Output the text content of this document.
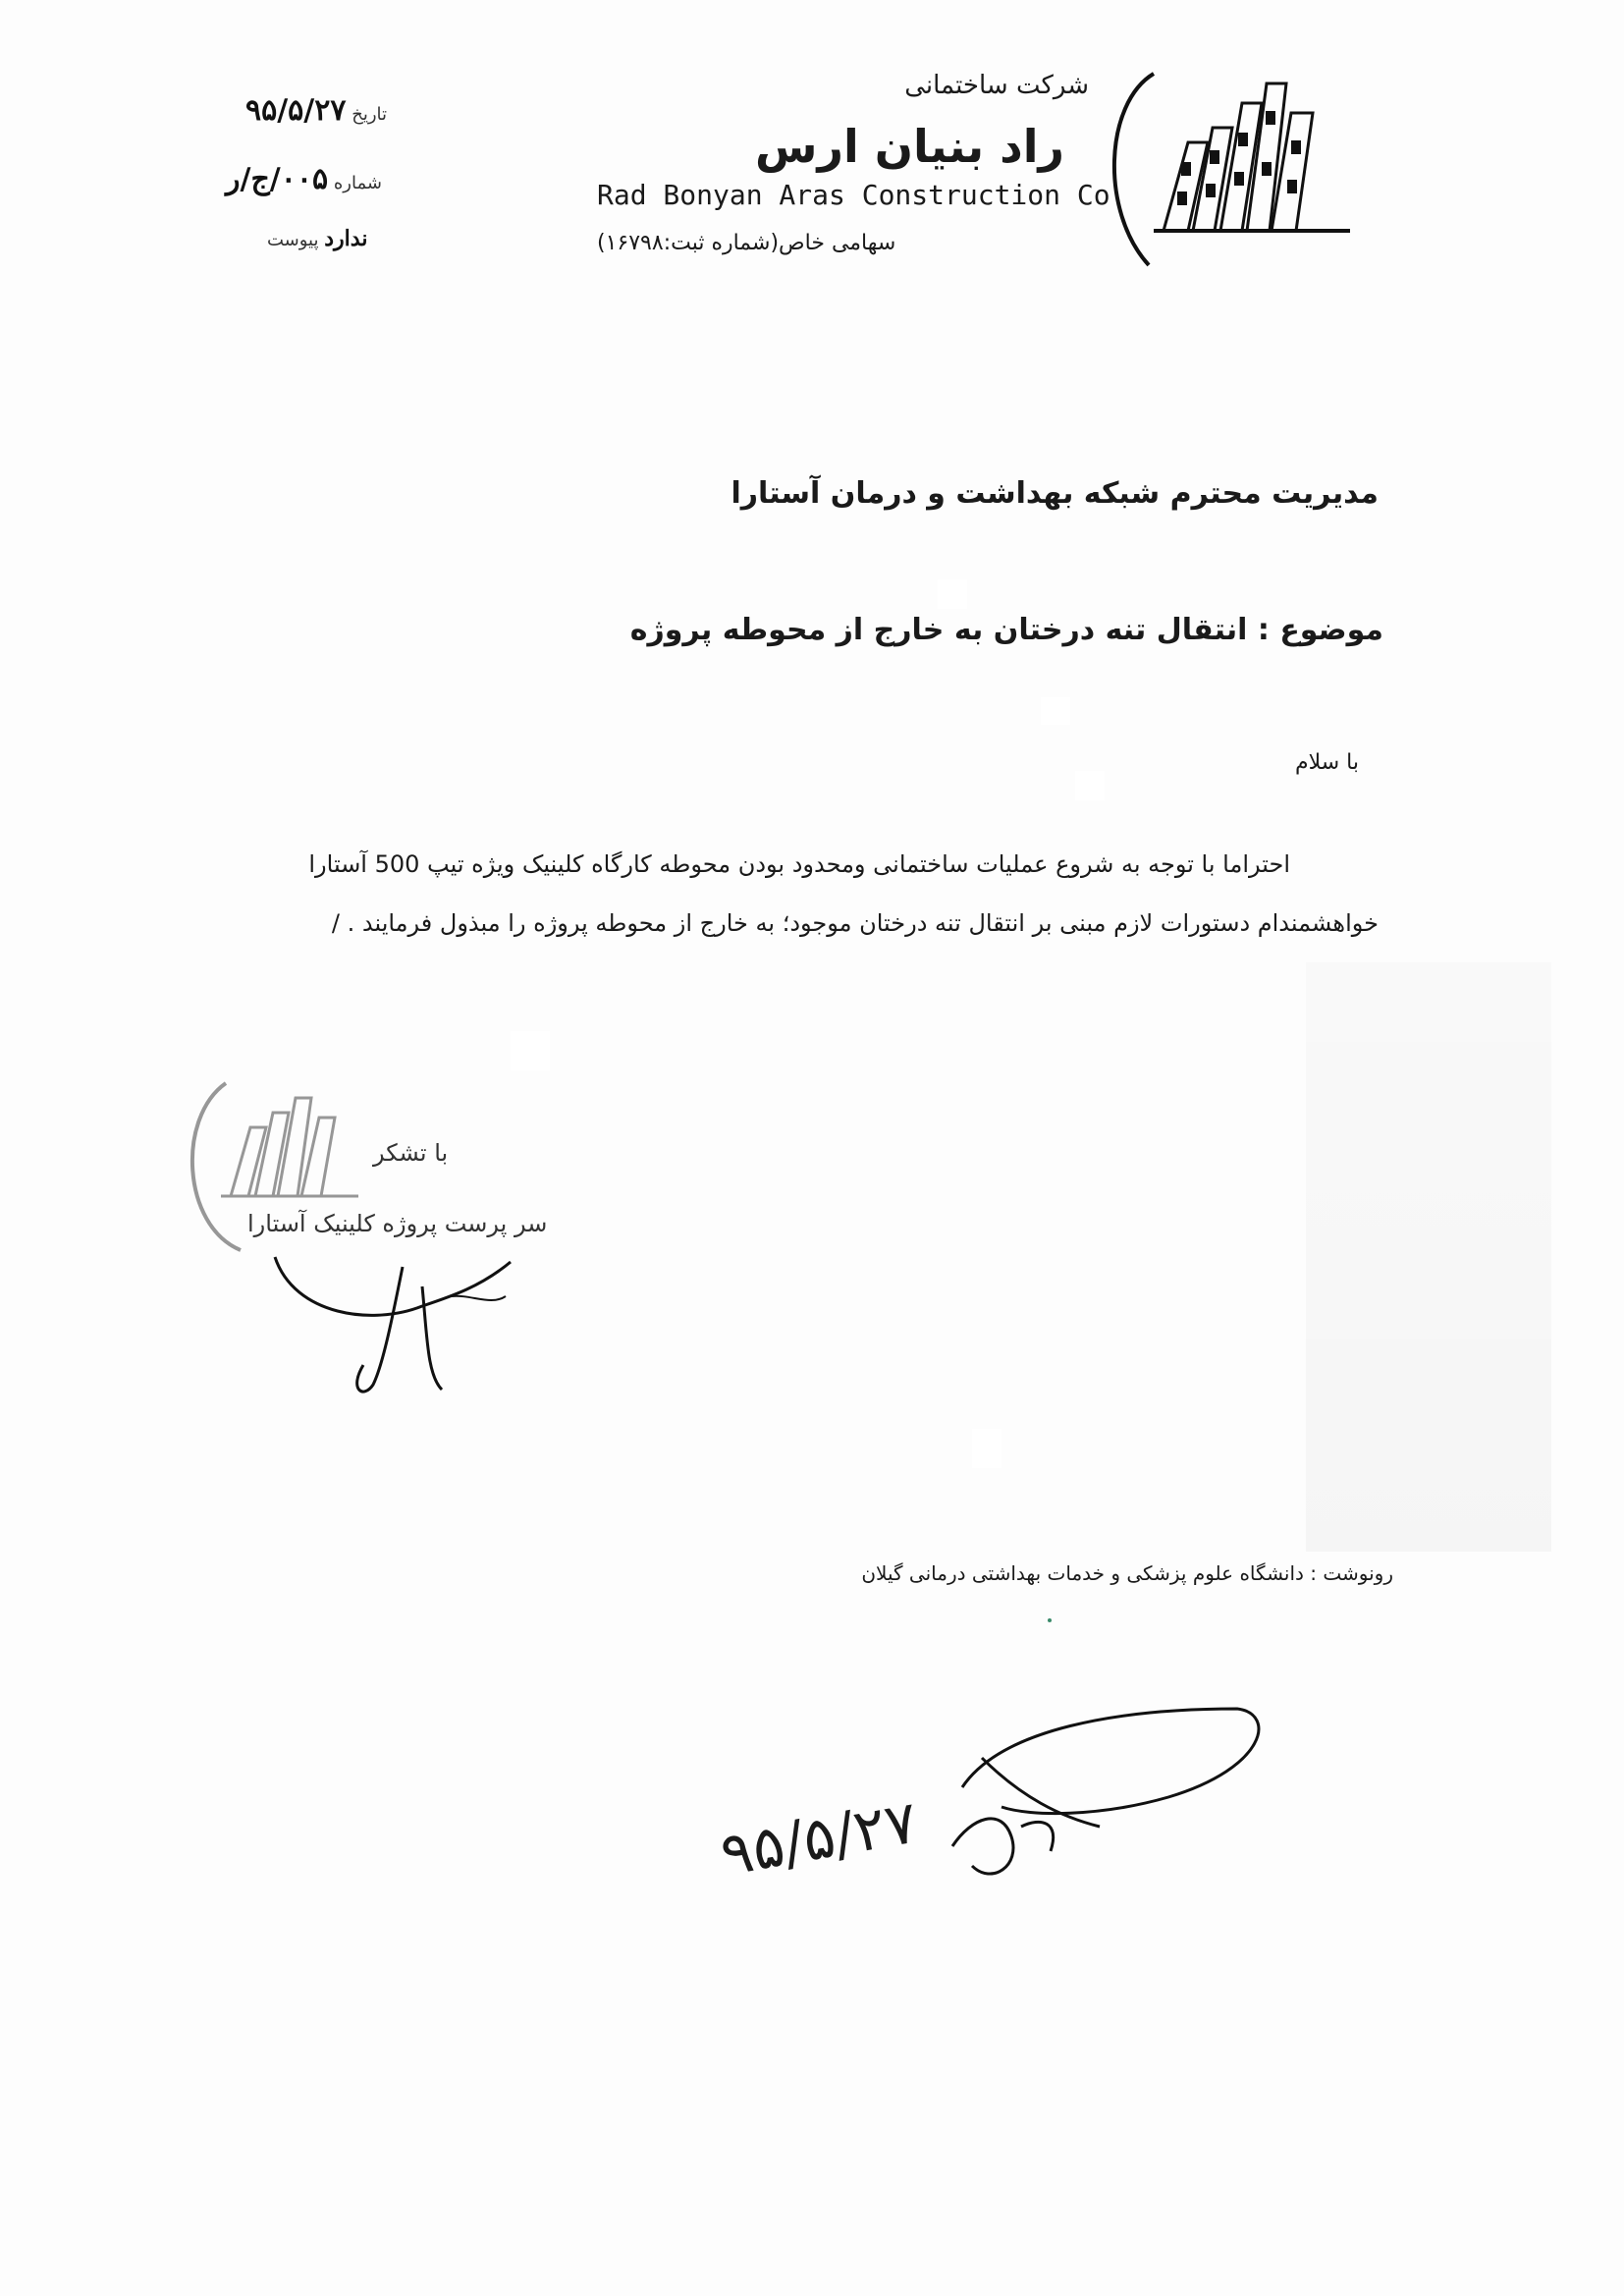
شرکت ساختمانی
راد بنیان ارس
Rad Bonyan Aras Construction Co
سهامی خاص(شماره ثبت:۱۶۷۹۸)
۹۵/۵/۲۷ تاریخ
۰۰۵/ج/ر شماره
ندارد پیوست
مدیریت محترم شبکه بهداشت و درمان آستارا
موضوع : انتقال تنه درختان به خارج از محوطه پروژه
با سلام
احتراما با توجه به شروع عملیات ساختمانی ومحدود بودن محوطه کارگاه کلینیک ویژه تیپ 500 آستارا
خواهشمندام دستورات لازم مبنی بر انتقال تنه درختان موجود؛ به خارج از محوطه پروژه را مبذول فرمایند . /
با تشکر
سر پرست پروژه کلینیک آستارا
رونوشت : دانشگاه علوم پزشکی و خدمات بهداشتی درمانی گیلان
۹۵/۵/۲۷
